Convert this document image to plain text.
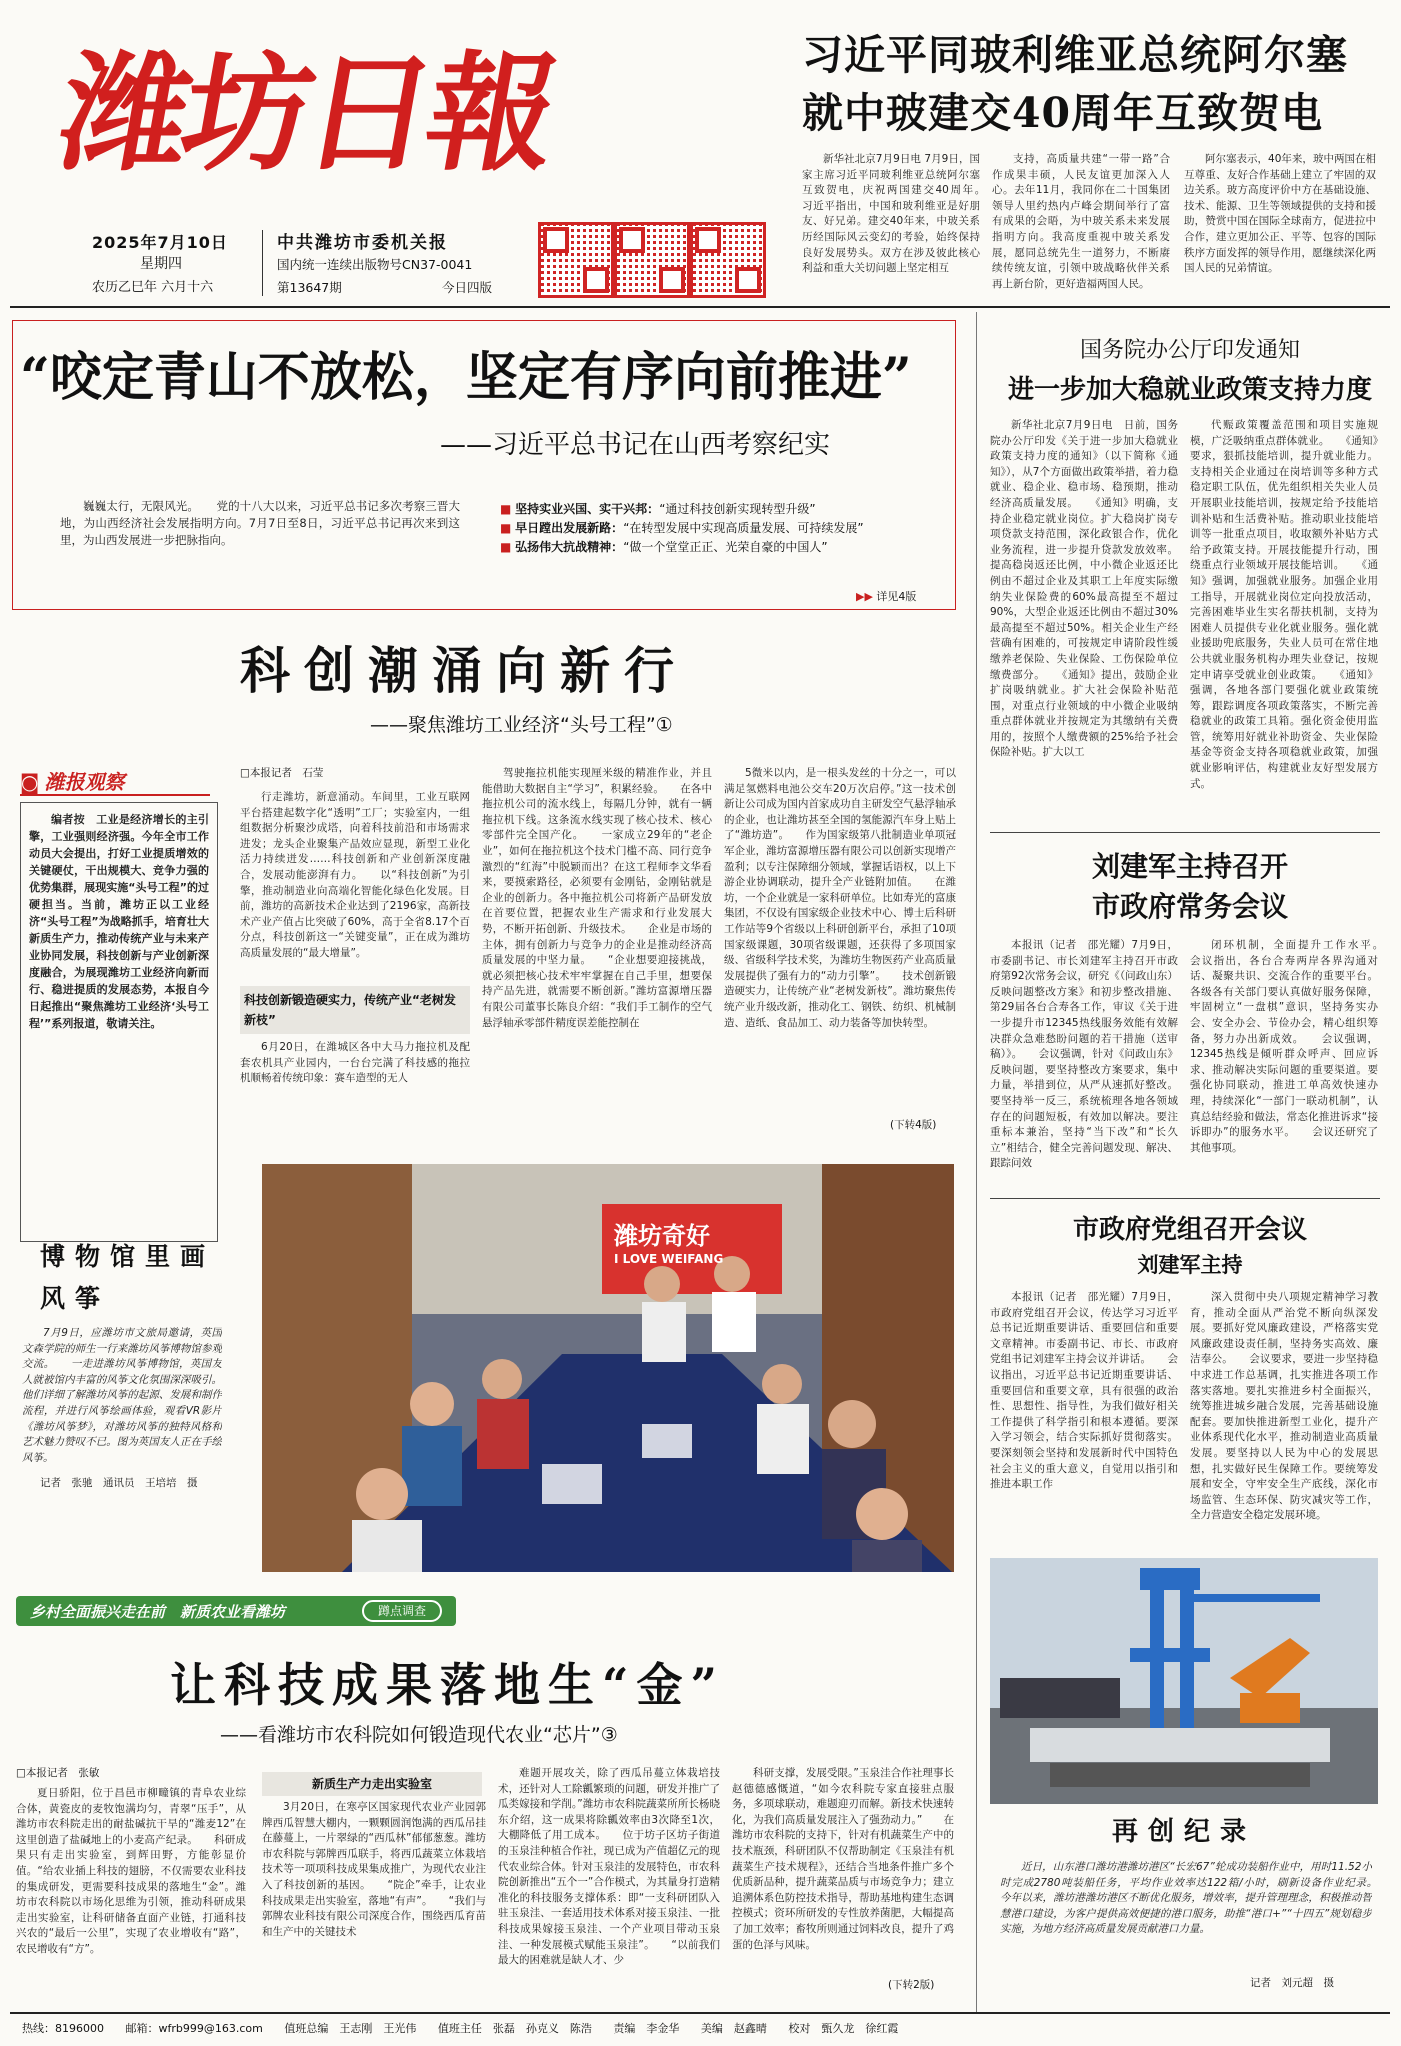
潍坊日報
2025年7月10日
星期四
农历乙巳年 六月十六
中共潍坊市委机关报
国内统一连续出版物号CN37-0041
第13647期	今日四版
习近平同玻利维亚总统阿尔塞
就中玻建交40周年互致贺电
新华社北京7月9日电 7月9日，国家主席习近平同玻利维亚总统阿尔塞互致贺电，庆祝两国建交40周年。　　习近平指出，中国和玻利维亚是好朋友、好兄弟。建交40年来，中玻关系历经国际风云变幻的考验，始终保持良好发展势头。双方在涉及彼此核心利益和重大关切问题上坚定相互
支持，高质量共建“一带一路”合作成果丰硕，人民友谊更加深入人心。去年11月，我同你在二十国集团领导人里约热内卢峰会期间举行了富有成果的会晤，为中玻关系未来发展指明方向。我高度重视中玻关系发展，愿同总统先生一道努力，不断赓续传统友谊，引领中玻战略伙伴关系再上新台阶，更好造福两国人民。
阿尔塞表示，40年来，玻中两国在相互尊重、友好合作基础上建立了牢固的双边关系。玻方高度评价中方在基础设施、技术、能源、卫生等领域提供的支持和援助，赞赏中国在国际全球南方，促进拉中合作，建立更加公正、平等、包容的国际秩序方面发挥的领导作用，愿继续深化两国人民的兄弟情谊。
“咬定青山不放松，坚定有序向前推进”
——习近平总书记在山西考察纪实
巍巍太行，无限风光。　　党的十八大以来，习近平总书记多次考察三晋大地，为山西经济社会发展指明方向。7月7日至8日，习近平总书记再次来到这里，为山西发展进一步把脉指向。
■ 坚持实业兴国、实干兴邦：“通过科技创新实现转型升级”
■ 早日蹚出发展新路：“在转型发展中实现高质量发展、可持续发展”
■ 弘扬伟大抗战精神：“做一个堂堂正正、光荣自豪的中国人”
▶▶ 详见4版
科创潮涌向新行
——聚焦潍坊工业经济“头号工程”①
◙ 潍报观察
编者按　工业是经济增长的主引擎，工业强则经济强。今年全市工作动员大会提出，打好工业提质增效的关键硬仗，干出规模大、竞争力强的优势集群，展现实施“头号工程”的过硬担当。当前，潍坊正以工业经济“头号工程”为战略抓手，培育壮大新质生产力，推动传统产业与未来产业协同发展，科技创新与产业创新深度融合，为展现潍坊工业经济向新而行、稳进提质的发展态势，本报自今日起推出“聚焦潍坊工业经济‘头号工程’”系列报道，敬请关注。
□本报记者　石莹
行走潍坊，新意涌动。车间里，工业互联网平台搭建起数字化“透明”工厂；实验室内，一组组数据分析聚沙成塔，向着科技前沿和市场需求进发；龙头企业聚集产品效应显现，新型工业化活力持续迸发……科技创新和产业创新深度融合，发展动能澎湃有力。　　以“科技创新”为引擎，推动制造业向高端化智能化绿色化发展。目前，潍坊的高新技术企业达到了2196家，高新技术产业产值占比突破了60%，高于全省8.17个百分点，科技创新这一“关键变量”，正在成为潍坊高质量发展的“最大增量”。
科技创新锻造硬实力，传统产业“老树发新枝”
6月20日，在潍城区各中大马力拖拉机及配套农机具产业园内，一台台完满了科技感的拖拉机顺畅着传统印象：赛车造型的无人
驾驶拖拉机能实现厘米级的精准作业，并且能借助大数据自主“学习”，积累经验。　　在各中拖拉机公司的流水线上，每隔几分钟，就有一辆拖拉机下线。这条流水线实现了核心技术、核心零部件完全国产化。　　一家成立29年的“老企业”，如何在拖拉机这个技术门槛不高、同行竞争激烈的“红海”中脱颖而出？在这工程师李文华看来，要摸索路径，必须要有金刚钻，金刚钻就是企业的创新力。各中拖拉机公司将新产品研发放在首要位置，把握农业生产需求和行业发展大势，不断开拓创新、升级技术。　　企业是市场的主体，拥有创新力与竞争力的企业是推动经济高质量发展的中坚力量。　　“企业想要迎接挑战，就必须把核心技术牢牢掌握在自己手里，想要保持产品先进，就需要不断创新。”潍坊富源增压器有限公司董事长陈良介绍：“我们手工制作的空气悬浮轴承零部件精度误差能控制在
5微米以内，是一根头发丝的十分之一，可以满足氢燃料电池公交车20万次启停。”这一技术创新让公司成为国内首家成功自主研发空气悬浮轴承的企业，也让潍坊甚至全国的氢能源汽车身上贴上了“潍坊造”。　　作为国家级第八批制造业单项冠军企业，潍坊富源增压器有限公司以创新实现增产盈利；以专注保障细分领域，掌握话语权，以上下游企业协调联动，提升全产业链附加值。　　在潍坊，一个企业就是一家科研单位。比如寿光的富康集团，不仅设有国家级企业技术中心、博士后科研工作站等9个省级以上科研创新平台，承担了10项国家级课题，30项省级课题，还获得了多项国家级、省级科学技术奖，为潍坊生物医药产业高质量发展提供了强有力的“动力引擎”。　　技术创新锻造硬实力，让传统产业“老树发新枝”。潍坊聚焦传统产业升级改新，推动化工、钢铁、纺织、机械制造、造纸、食品加工、动力装备等加快转型。
(下转4版)
博物馆里画风筝
7月9日，应潍坊市文旅局邀请，英国文森学院的师生一行来潍坊风筝博物馆参观交流。　　一走进潍坊风筝博物馆，英国友人就被馆内丰富的风筝文化氛围深深吸引。他们详细了解潍坊风筝的起源、发展和制作流程，并进行风筝绘画体验，观看VR影片《潍坊风筝梦》，对潍坊风筝的独特风格和艺术魅力赞叹不已。图为英国友人正在手绘风筝。
记者　张驰　通讯员　王培培　摄
潍坊奇好
I LOVE WEIFANG
乡村全面振兴走在前　新质农业看潍坊	蹲点调查
让科技成果落地生“金”
——看潍坊市农科院如何锻造现代农业“芯片”③
□本报记者　张敏
夏日骄阳，位于昌邑市柳疃镇的青阜农业综合体，黄瓷皮的麦牧饱满均匀，青翠“压手”，从潍坊市农科院走出的耐盐碱抗干旱的“潍麦12”在这里创造了盐碱地上的小麦高产纪录。　　科研成果只有走出实验室，到辉田野，方能彰显价值。“给农业插上科技的翅膀，不仅需要农业科技的集成研发，更需要科技成果的落地生“金”。潍坊市农科院以市场化思维为引领，推动科研成果走出实验室，让科研储备直面产业链，打通科技兴农的“最后一公里”，实现了农业增收有“路”，农民增收有“方”。
新质生产力走出实验室
3月20日，在寒亭区国家现代农业产业园郭牌西瓜智慧大棚内，一颗颗圆润饱满的西瓜吊挂在藤蔓上，一片翠绿的“西瓜林”郁郁葱葱。潍坊市农科院与郭牌西瓜联手，将西瓜蔬菜立体栽培技术等一项项科技成果集成推广，为现代农业注入了科技创新的基因。　　“院企”牵手，让农业科技成果走出实验室，落地“有声”。　　“我们与郭牌农业科技有限公司深度合作，围绕西瓜育苗和生产中的关键技术
难题开展攻关，除了西瓜吊蔓立体栽培技术，还针对人工除瓤繁琐的问题，研发并推广了瓜类嫁接和学削。”潍坊市农科院蔬菜所所长杨晓东介绍，这一成果将除瓤效率由3次降至1次，大棚降低了用工成本。　　位于坊子区坊子街道的玉泉洼种植合作社，现已成为产值超亿元的现代农业综合体。针对玉泉洼的发展特色，市农科院创新推出“五个一”合作模式，为其量身打造精准化的科技服务支撑体系：即“一支科研团队入驻玉泉洼、一套适用技术体系对接玉泉洼、一批科技成果嫁接玉泉洼、一个产业项目带动玉泉洼、一种发展模式赋能玉泉洼”。　　“以前我们最大的困难就是缺人才、少
科研支撑，发展受限。”玉泉洼合作社理事长赵德德感慨道，“如今农科院专家直接驻点服务，多项球联动，难题迎刃而解。新技术快速转化，为我们高质量发展注入了强劲动力。”　　在潍坊市农科院的支持下，针对有机蔬菜生产中的技术瓶颈，科研团队不仅帮助制定《玉泉洼有机蔬菜生产技术规程》，还结合当地条件推广多个优质新品种，提升蔬菜品质与市场竞争力；建立追溯体系色防控技术指导，帮助基地构建生态调控模式；资环所研发的专性放养菌肥，大幅提高了加工效率；畜牧所则通过饲料改良，提升了鸡蛋的色泽与风味。
(下转2版)
国务院办公厅印发通知
进一步加大稳就业政策支持力度
新华社北京7月9日电　日前，国务院办公厅印发《关于进一步加大稳就业政策支持力度的通知》（以下简称《通知》），从7个方面做出政策举措，着力稳就业、稳企业、稳市场、稳预期，推动经济高质量发展。　　《通知》明确，支持企业稳定就业岗位。扩大稳岗扩岗专项贷款支持范围，深化政银合作，优化业务流程，进一步提升贷款发放效率。提高稳岗返还比例，中小微企业返还比例由不超过企业及其职工上年度实际缴纳失业保险费的60%最高提至不超过90%，大型企业返还比例由不超过30%最高提至不超过50%。相关企业生产经营确有困难的，可按规定申请阶段性缓缴养老保险、失业保险、工伤保险单位缴费部分。　　《通知》提出，鼓励企业扩岗吸纳就业。扩大社会保险补贴范围，对重点行业领域的中小微企业吸纳重点群体就业并按规定为其缴纳有关费用的，按照个人缴费额的25%给予社会保险补贴。扩大以工
代赈政策覆盖范围和项目实施规模，广泛吸纳重点群体就业。　　《通知》要求，狠抓技能培训，提升就业能力。支持相关企业通过在岗培训等多种方式稳定职工队伍，优先组织相关失业人员开展职业技能培训，按规定给予技能培训补贴和生活费补贴。推动职业技能培训等一批重点项目，收取额外补贴方式给予政策支持。开展技能提升行动，围绕重点行业领域开展技能培训。　　《通知》强调，加强就业服务。加强企业用工指导，开展就业岗位定向投放活动，完善困难毕业生实名帮扶机制，支持为困难人员提供专业化就业服务。强化就业援助兜底服务，失业人员可在常住地公共就业服务机构办理失业登记，按规定申请享受就业创业政策。　　《通知》强调，各地各部门要强化就业政策统筹，跟踪调度各项政策落实，不断完善稳就业的政策工具箱。强化资金使用监管，统筹用好就业补助资金、失业保险基金等资金支持各项稳就业政策，加强就业影响评估，构建就业友好型发展方式。
刘建军主持召开
市政府常务会议
本报讯（记者　邵光耀）7月9日，市委副书记、市长刘建军主持召开市政府第92次常务会议，研究《（问政山东）反映问题整改方案》和初步整改措施、第29届各台合寿各工作，审议《关于进一步提升市12345热线服务效能有效解决群众急难愁盼问题的若干措施（送审稿）》。　　会议强调，针对《问政山东》反映问题，要坚持整改方案要求，集中力量，举措到位，从严从速抓好整改。要坚持举一反三，系统梳理各地各领域存在的问题短板，有效加以解决。要注重标本兼治，坚持“当下改”和“长久立”相结合，健全完善问题发现、解决、跟踪问效
闭环机制，全面提升工作水平。　　会议指出，各台合寿两岸各界沟通对话、凝聚共识、交流合作的重要平台。各级各有关部门要认真做好服务保障，牢固树立“一盘棋”意识，坚持务实办会、安全办会、节俭办会，精心组织筹备，努力办出新成效。　　会议强调，12345热线是倾听群众呼声、回应诉求、推动解决实际问题的重要渠道。要强化协同联动，推进工单高效快速办理，持续深化“一部门一联动机制”，认真总结经验和做法，常态化推进诉求“接诉即办”的服务水平。　　会议还研究了其他事项。
市政府党组召开会议
刘建军主持
本报讯（记者　邵光耀）7月9日，市政府党组召开会议，传达学习习近平总书记近期重要讲话、重要回信和重要文章精神。市委副书记、市长、市政府党组书记刘建军主持会议并讲话。　　会议指出，习近平总书记近期重要讲话、重要回信和重要文章，具有很强的政治性、思想性、指导性，为我们做好相关工作提供了科学指引和根本遵循。要深入学习领会，结合实际抓好贯彻落实。要深刻领会坚持和发展新时代中国特色社会主义的重大意义，自觉用以指引和推进本职工作
深入贯彻中央八项规定精神学习教育，推动全面从严治党不断向纵深发展。要抓好党风廉政建设，严格落实党风廉政建设责任制，坚持务实高效、廉洁奉公。　　会议要求，要进一步坚持稳中求进工作总基调，扎实推进各项工作落实落地。要扎实推进乡村全面振兴，统筹推进城乡融合发展，完善基础设施配套。要加快推进新型工业化，提升产业体系现代化水平，推动制造业高质量发展。要坚持以人民为中心的发展思想，扎实做好民生保障工作。要统筹发展和安全，守牢安全生产底线，深化市场监管、生态环保、防灾减灾等工作，全力营造安全稳定发展环境。
再创纪录
近日，山东港口潍坊港潍坊港区“长宏67”轮成功装船作业中，用时11.52小时完成2780吨装船任务，平均作业效率达122箱/小时，刷新设备作业纪录。　　今年以来，潍坊港潍坊港区不断优化服务，增效率，提升管理理念，积极推动智慧港口建设，为客户提供高效便捷的港口服务，助推“港口+”“十四五”规划稳步实施，为地方经济高质量发展贡献港口力量。
记者　刘元超　摄
热线：8196000 邮箱：wfrb999@163.com 值班总编　王志刚　王光伟 值班主任　张磊　孙克义　陈浩 责编　李金华 美编　赵鑫晴 校对　甄久龙　徐红霞
